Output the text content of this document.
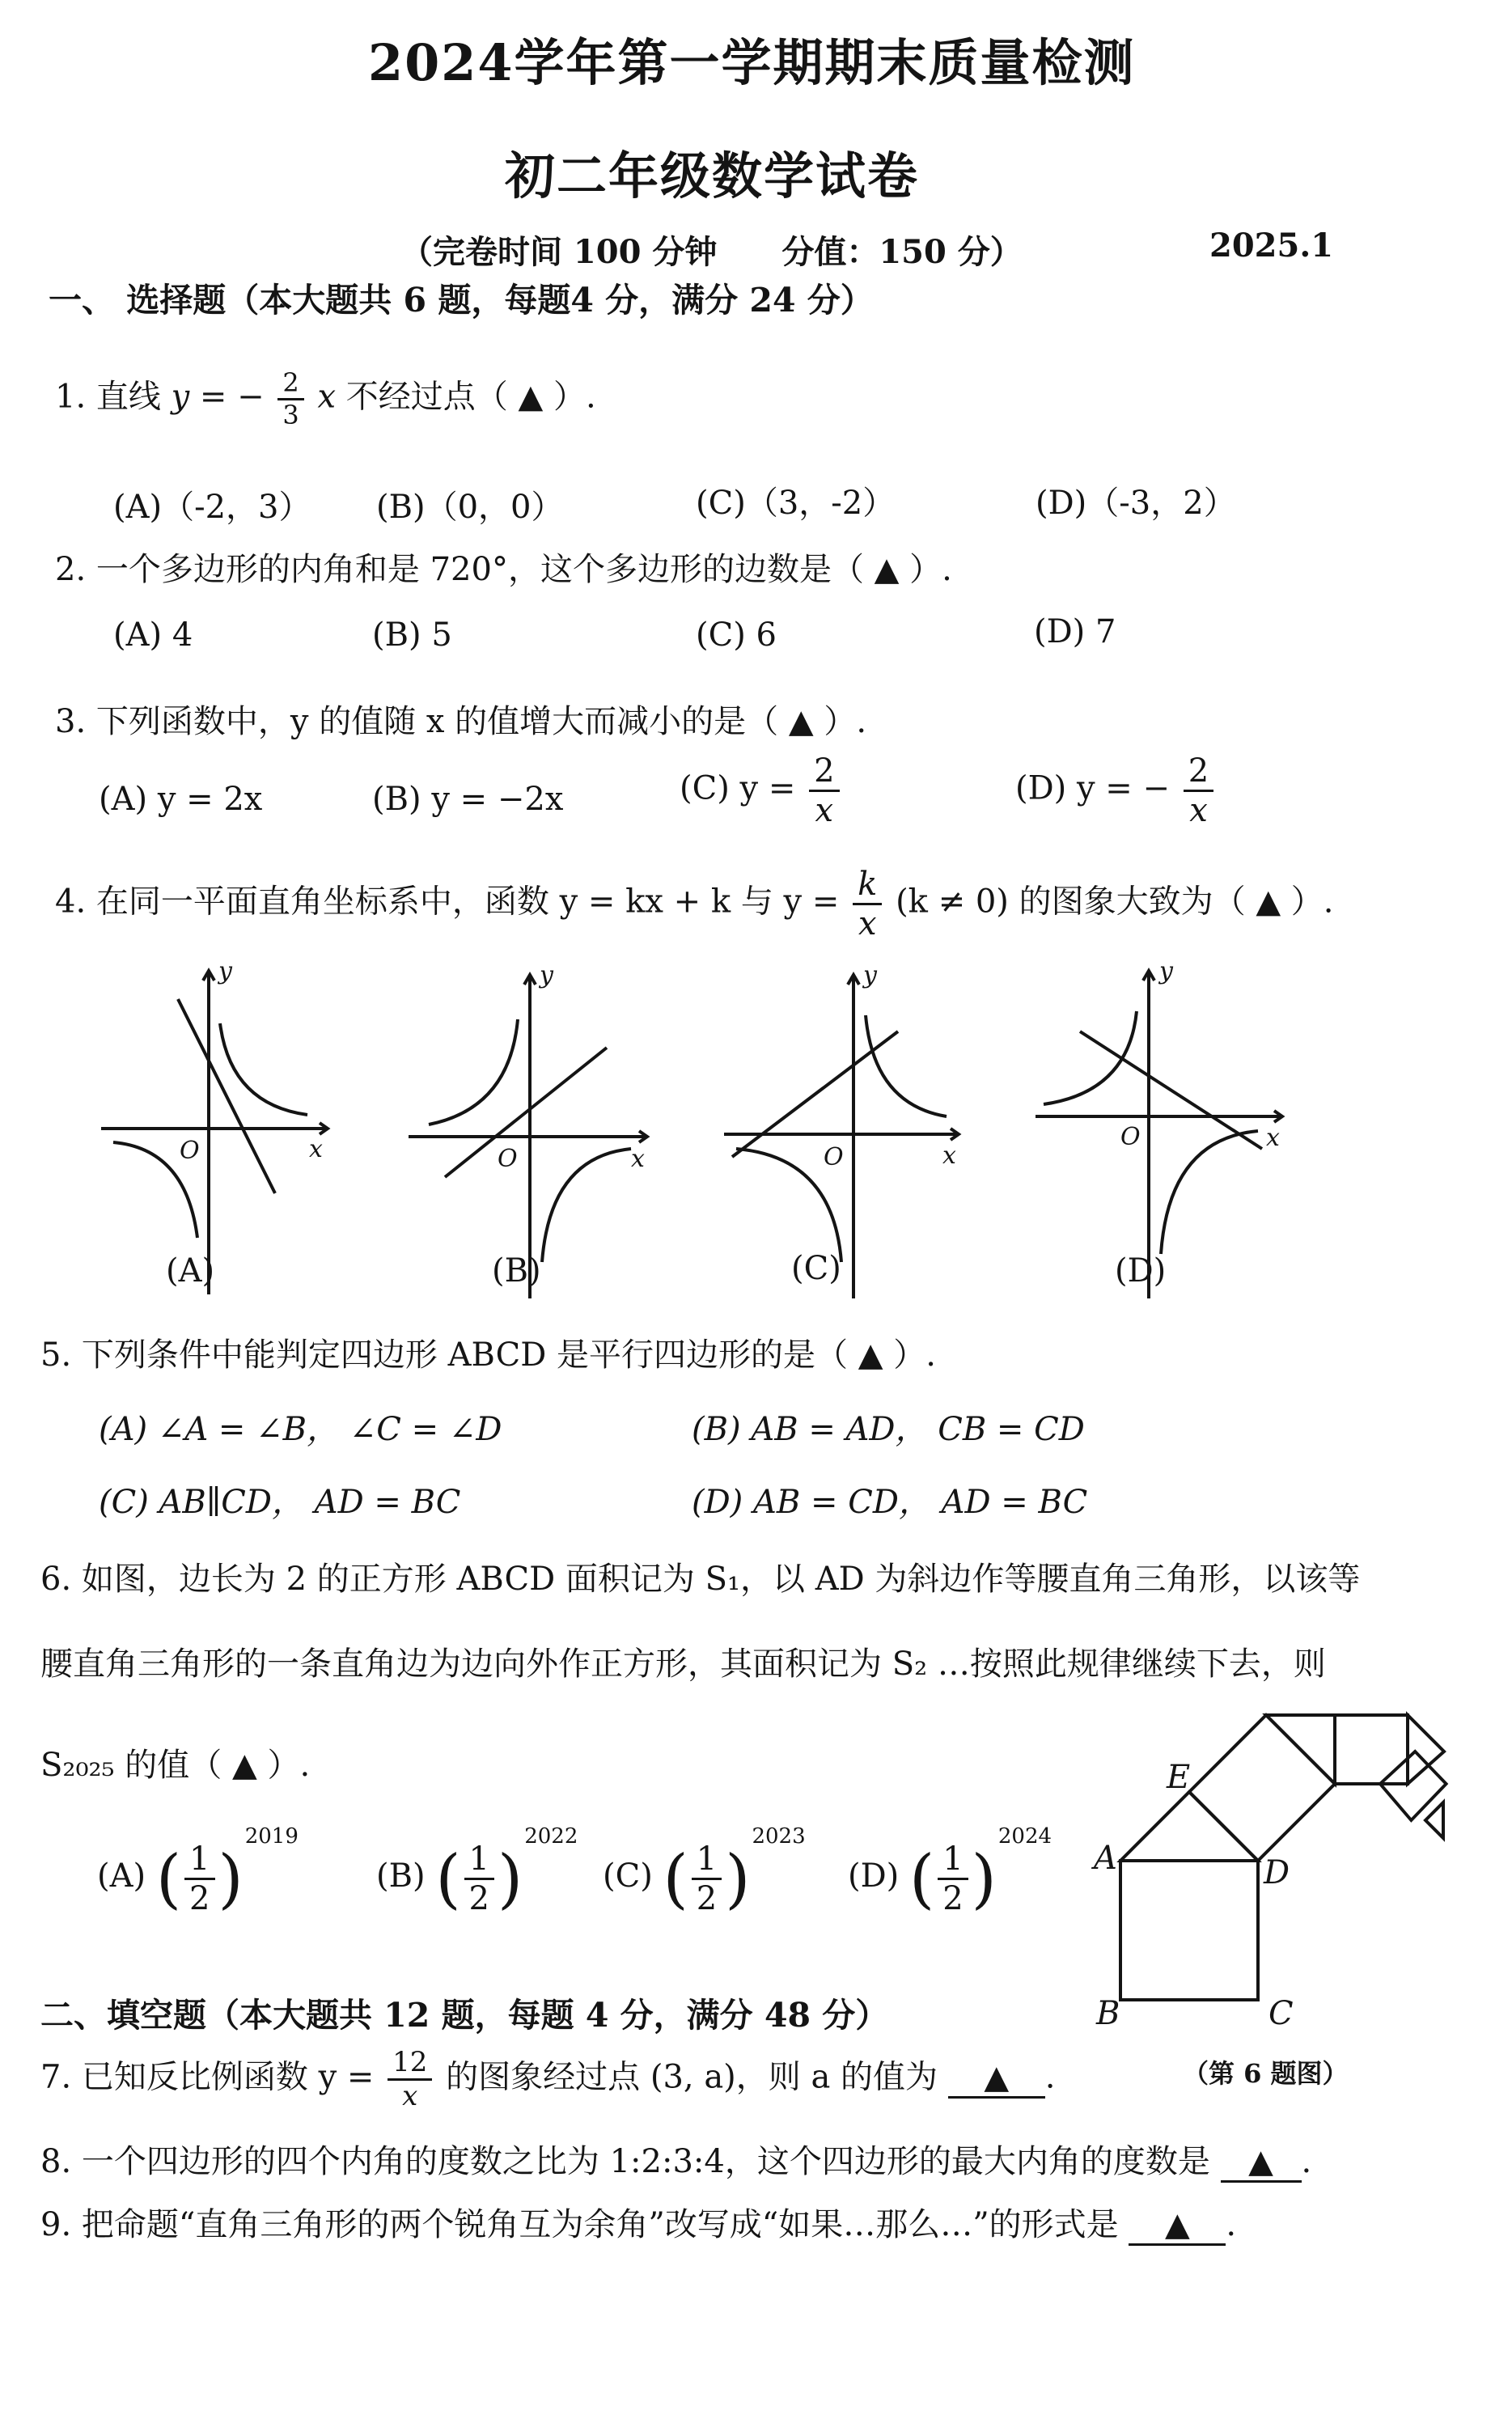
2024学年第一学期期末质量检测
初二年级数学试卷
（完卷时间 100 分钟　　分值：150 分）	2025.1
一、 选择题（本大题共 6 题，每题4 分，满分 24 分）
1. 直线 y = − $\frac{2}{3}$ x 不经过点（ ▲ ）.
(A)（-2，3） (B)（0，0）	(C)（3，-2）	(D)（-3，2）
2. 一个多边形的内角和是 720°，这个多边形的边数是（ ▲ ）.
(A) 4	(B) 5	(C) 6	(D) 7
3. 下列函数中，y 的值随 x 的值增大而减小的是（ ▲ ）.
(A) y = 2x	(B) y = −2x	(C) $y = \frac{2}{x}$	(D) y = − $\frac{2}{x}$
4. 在同一平面直角坐标系中，函数 y = kx + k 与 $y = \frac{k}{x} (k \ne 0)$ 的图象大致为（ ▲ ）.
y
x
O
y
x
O
y
x
O
y
x
O
(A)	(B)	(C)	(D)
5. 下列条件中能判定四边形 ABCD 是平行四边形的是（ ▲ ）.
(A) ∠A = ∠B， ∠C = ∠D	(B) AB = AD， CB = CD
(C) AB∥CD， AD = BC	(D) AB = CD， AD = BC
6. 如图，边长为 2 的正方形 ABCD 面积记为 S₁，以 AD 为斜边作等腰直角三角形，以该等
腰直角三角形的一条直角边为边向外作正方形，其面积记为 S₂ …按照此规律继续下去，则
S₂₀₂₅ 的值（ ▲ ）.
(A) ( $\frac{1}{2} )^{2019}$
(B) ( $\frac{1}{2} )^{2022}$
(C) ( $\frac{1}{2} )^{2023}$
(D) ( $\frac{1}{2} )^{2024}$
E
A	D
B	C
（第 6 题图）
二、填空题（本大题共 12 题，每题 4 分，满分 48 分）
7. 已知反比例函数 $y = \frac{12}{x}$ 的图象经过点 (3, a)，则 a 的值为 ▲ .
8. 一个四边形的四个内角的度数之比为 1:2:3:4，这个四边形的最大内角的度数是 ▲ .
9. 把命题“直角三角形的两个锐角互为余角”改写成“如果…那么…”的形式是 ▲ .
